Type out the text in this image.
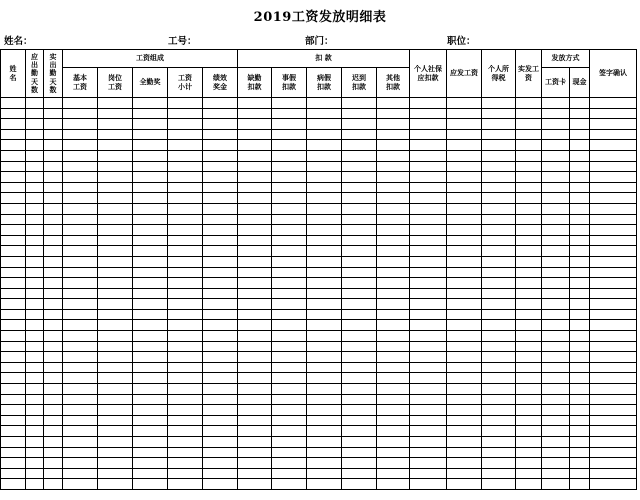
2019工资发放明细表
姓名：	工号：	部门：	职位：
姓名	应出勤天数	实出勤天数	工资组成					扣 款					个人社保应扣款	应发工资	个人所得税	实发工资	发放方式		签字确认
			基本工资	岗位工资	全勤奖	工资小计	绩效奖金	缺勤扣款	事假扣款	病假扣款	迟到扣款	其他扣款					工资卡	现金	
